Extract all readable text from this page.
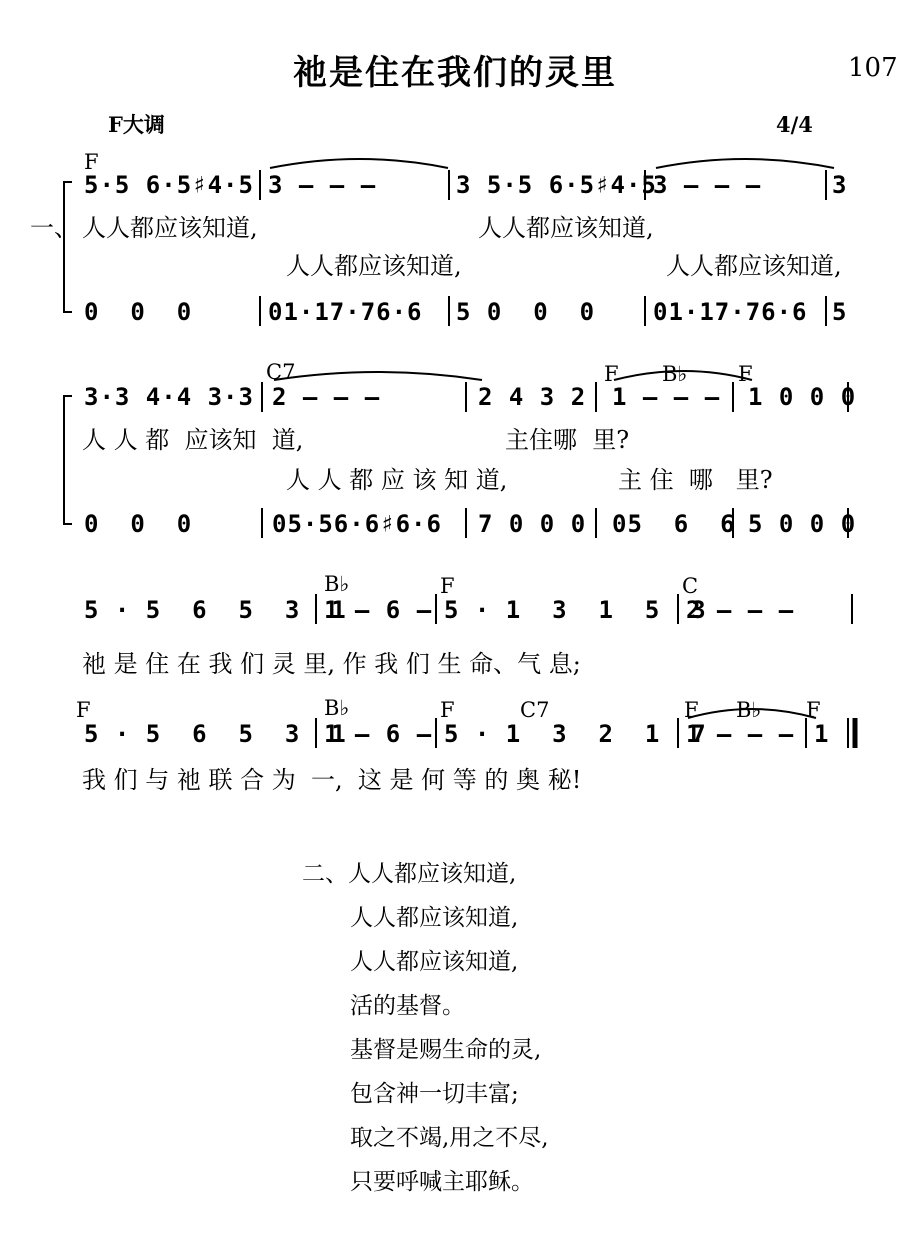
祂是住在我们的灵里	107
F大调	4/4
F
一、
5·5 6·5♯4·5 3 — — —	3 5·5 6·5♯4·5
3 — — —	3
人人都应该知道,	人人都应该知道,
人人都应该知道,	人人都应该知道,
0  0  0	01·17·76·6 5 0  0  0 01·17·76·6 5
C7	F B♭ F
3·3 4·4 3·3 2 — — —	2 4 3 2 1 — — — 1 0 0 0
人 人 都  应该知  道,	主住哪  里?
人 人 都 应 该 知 道,	主 住  哪   里?
0  0  0	05·56·6♯6·6 7 0 0 0 05  6  6 5 0 0 0
B♭	F	C
5 · 5  6  5  3  1
1 — 6 — 5 · 1  3  1  5  3
2 — — —
祂 是 住 在 我 们 灵 里, 作 我 们 生 命、气 息;
F	B♭	F	C7	F B♭ F
5 · 5  6  5  3  1
1 — 6 — 5 · 1  3  2  1  7
1 — — — 1
我 们 与 祂 联 合 为  一,  这 是 何 等 的 奥 秘!
二、人人都应该知道,
人人都应该知道,
人人都应该知道,
活的基督。
基督是赐生命的灵,
包含神一切丰富;
取之不竭,用之不尽,
只要呼喊主耶稣。
